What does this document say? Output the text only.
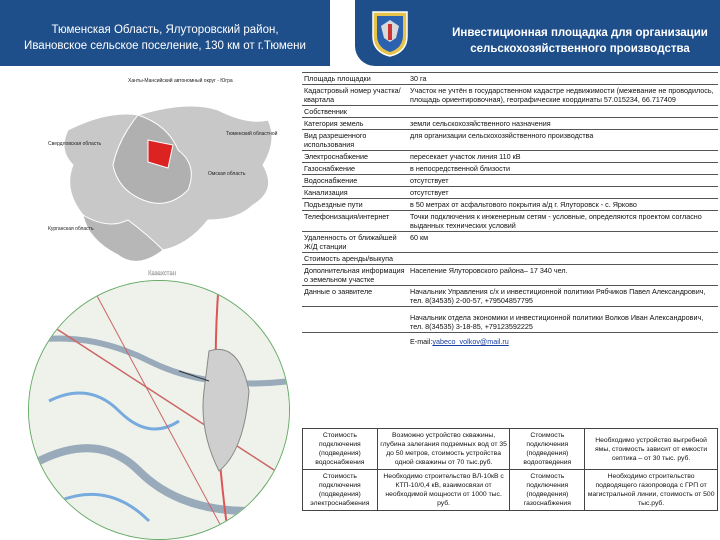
Тюменская Область, Ялуторовский район,
Ивановское сельское поселение, 130 км от г.Тюмени
Инвестиционная площадка для организации
сельскохозяйственного производства
Ханты-Мансийский автономный округ - Югра
Тюменский областной
Свердловская область
Омская область
Курганская область
Казахстан
Площадь площадки	30 га
Кадастровый номер участка/квартала	Участок не учтён в государственном кадастре недвижимости (межевание не проводилось, площадь ориентировочная), географические координаты 57.015234, 66.717409
Собственник	
Категория земель	земли сельскохозяйственного назначения
Вид разрешенного использования	для организации сельскохозяйственного производства
Электроснабжение	пересекает участок линия 110 кВ
Газоснабжение	в непосредственной близости
Водоснабжение	отсутствует
Канализация	отсутствует
Подъездные пути	в 50 метрах от асфальтового покрытия а/д г. Ялуторовск - с. Ярково
Телефонизация/интернет	Точки подключения к инженерным сетям - условные, определяются проектом согласно выданных технических условий
Удаленность от ближайшей Ж/Д станции	60 км
Стоимость аренды/выкупа	
Дополнительная информация о земельном участке	Население Ялуторовского района– 17 340 чел.
Данные о заявителе	Начальник Управления с/х и инвестиционной политики Рябчиков Павел Александрович, тел. 8(34535) 2-00-57, +79504857795
	Начальник отдела экономики и инвестиционной политики Волков Иван Александрович, тел. 8(34535) 3-18-85, +79123592225
	E-mail:yabeco_volkov@mail.ru
Стоимость подключения (подведения) водоснабжения	Возможно устройство скважины, глубина залегания подземных вод от 35 до 50 метров, стоимость устройства одной скважины от 70 тыс.руб.	Стоимость подключения (подведения) водоотведения	Необходимо устройство выгребной ямы, стоимость зависит от емкости септика – от 30 тыс. руб.
Стоимость подключения (подведения) электроснабжения	Необходимо строительство ВЛ-10кВ с КТП-10/0,4 кВ, взаимосвязи от необходимой мощности от 1000 тыс. руб.	Стоимость подключения (подведения) газоснабжения	Необходимо строительство подводящего газопровода с ГРП от магистральной линии, стоимость от 500 тыс.руб.
